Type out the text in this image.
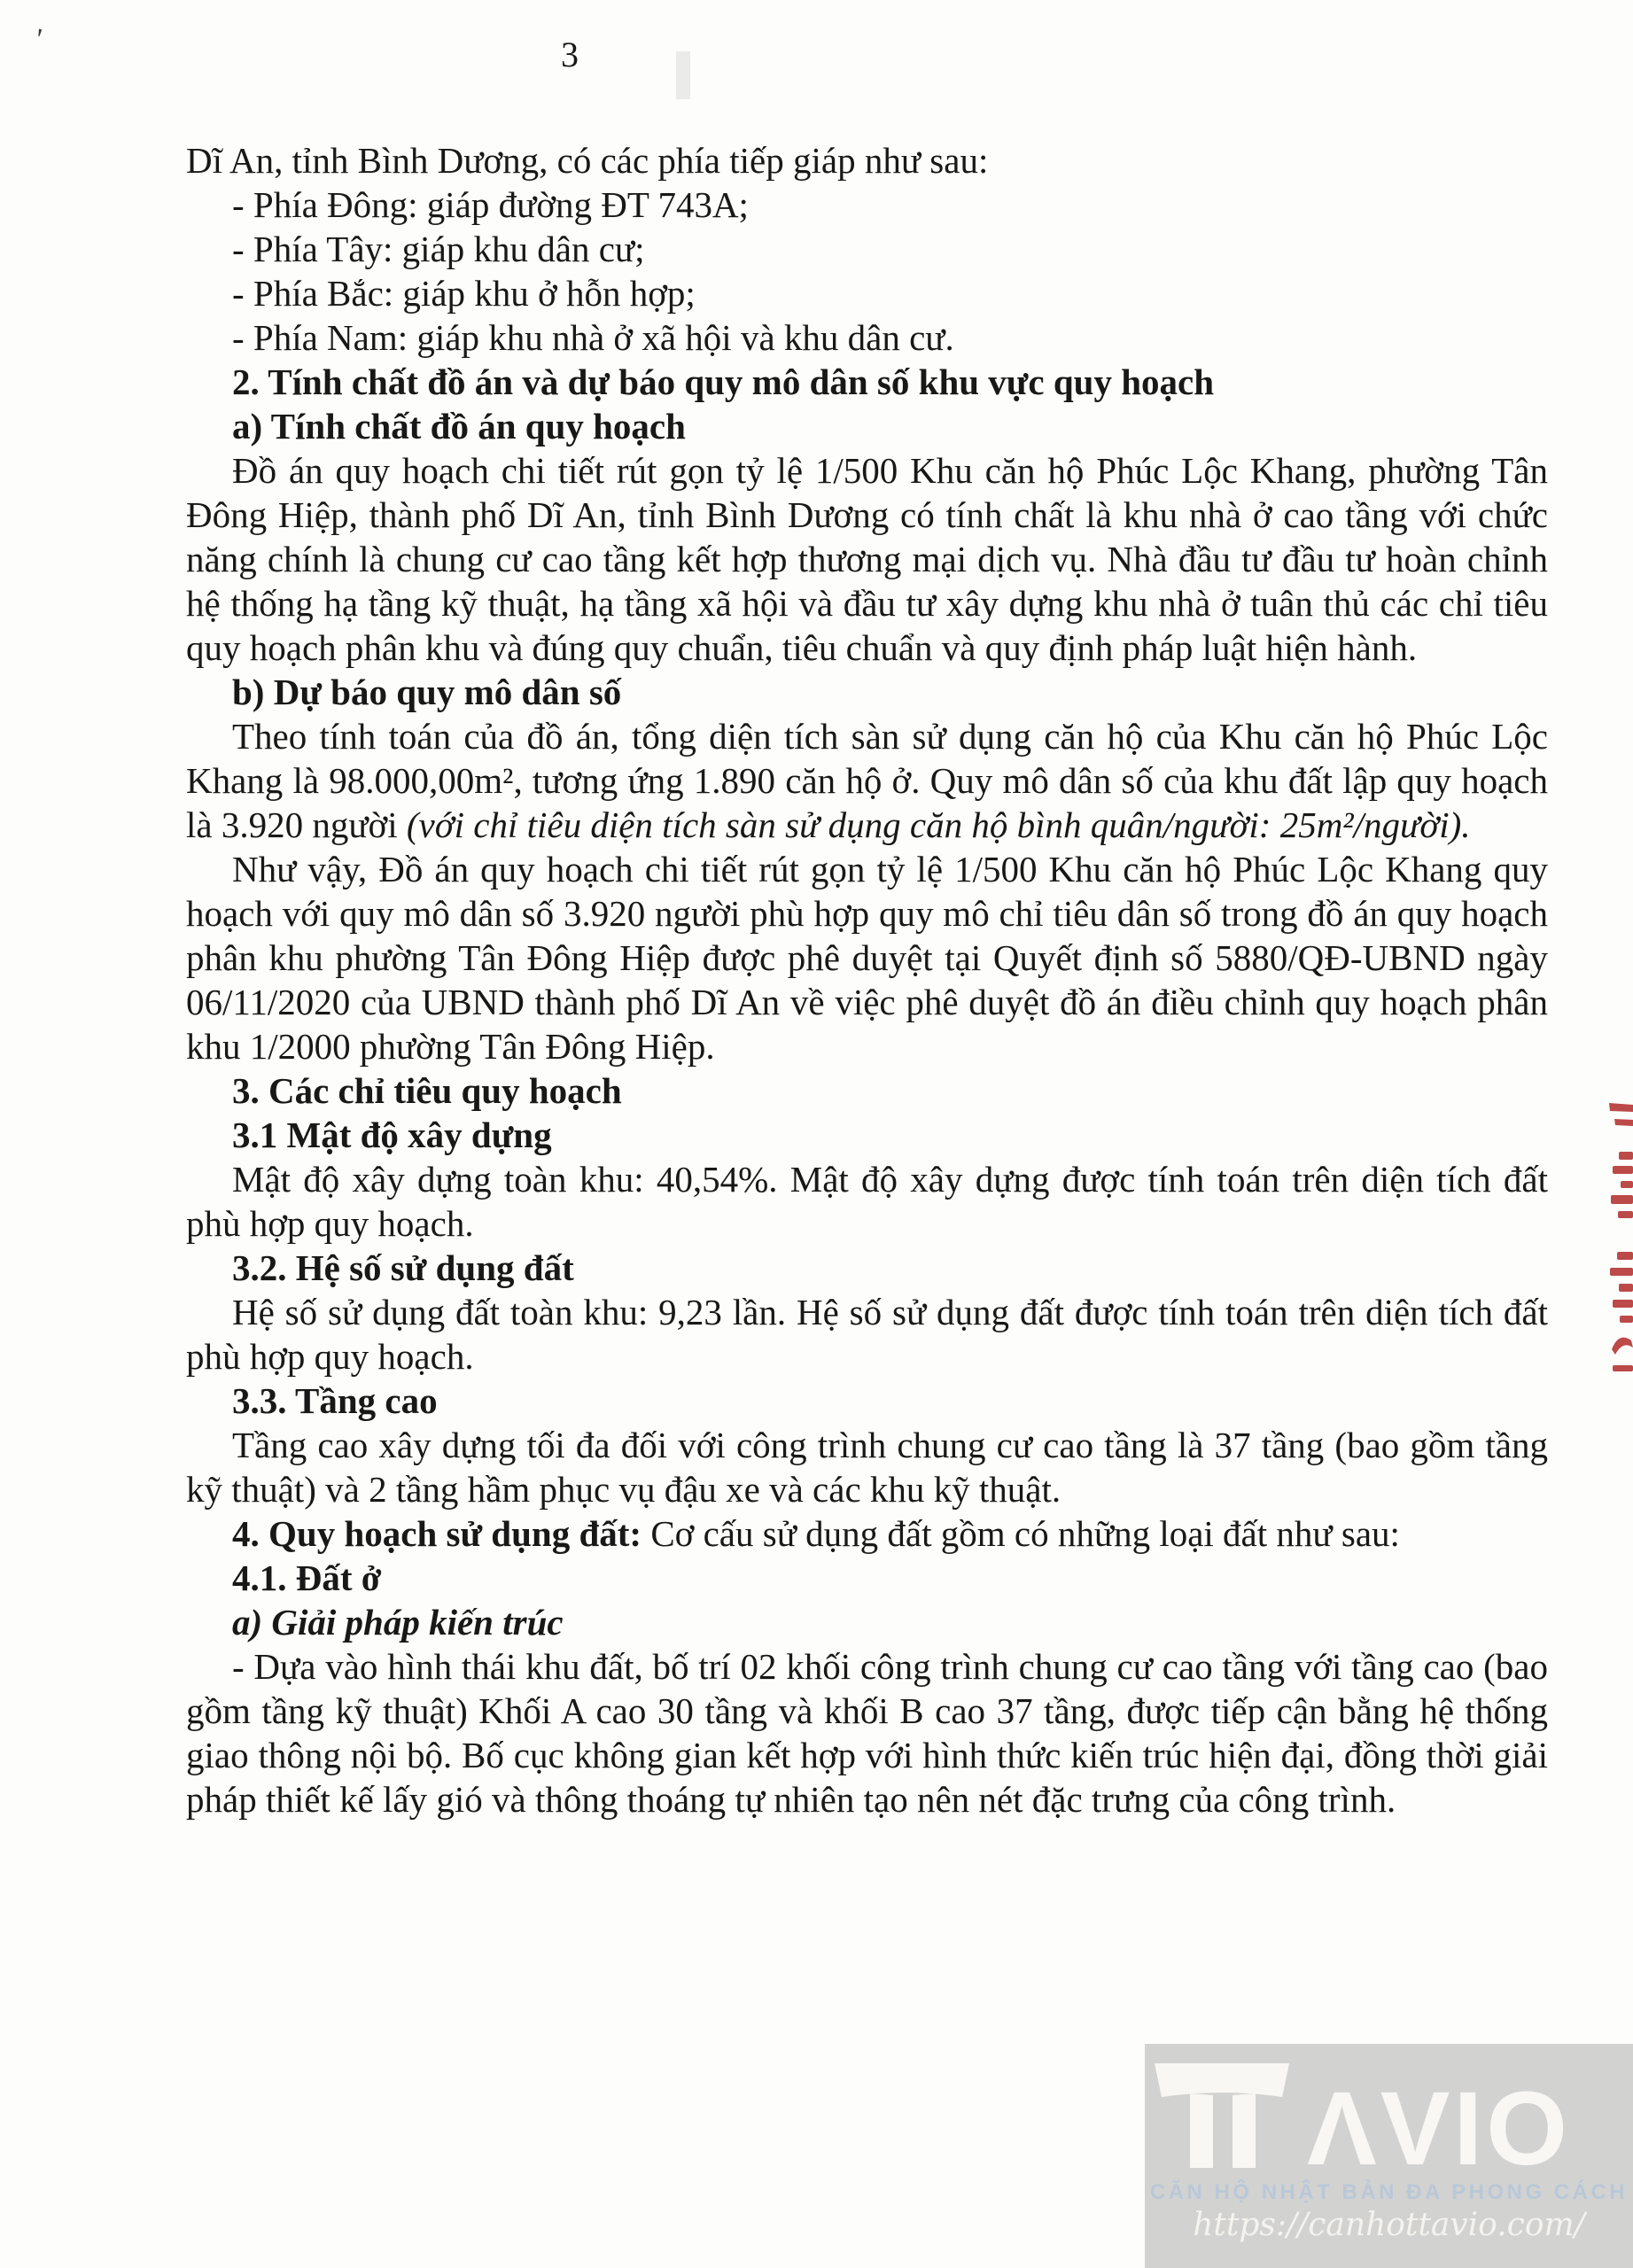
'	3

Dĩ An, tỉnh Bình Dương, có các phía tiếp giáp như sau:

- Phía Đông: giáp đường ĐT 743A;

- Phía Tây: giáp khu dân cư;

- Phía Bắc: giáp khu ở hỗn hợp;

- Phía Nam: giáp khu nhà ở xã hội và khu dân cư.

2. Tính chất đồ án và dự báo quy mô dân số khu vực quy hoạch

a) Tính chất đồ án quy hoạch

Đồ án quy hoạch chi tiết rút gọn tỷ lệ 1/500 Khu căn hộ Phúc Lộc Khang, phường Tân Đông Hiệp, thành phố Dĩ An, tỉnh Bình Dương có tính chất là khu nhà ở cao tầng với chức năng chính là chung cư cao tầng kết hợp thương mại dịch vụ. Nhà đầu tư đầu tư hoàn chỉnh hệ thống hạ tầng kỹ thuật, hạ tầng xã hội và đầu tư xây dựng khu nhà ở tuân thủ các chỉ tiêu quy hoạch phân khu và đúng quy chuẩn, tiêu chuẩn và quy định pháp luật hiện hành.

b) Dự báo quy mô dân số

Theo tính toán của đồ án, tổng diện tích sàn sử dụng căn hộ của Khu căn hộ Phúc Lộc Khang là 98.000,00m², tương ứng 1.890 căn hộ ở. Quy mô dân số của khu đất lập quy hoạch là 3.920 người (với chỉ tiêu diện tích sàn sử dụng căn hộ bình quân/người: 25m²/người).

Như vậy, Đồ án quy hoạch chi tiết rút gọn tỷ lệ 1/500 Khu căn hộ Phúc Lộc Khang quy hoạch với quy mô dân số 3.920 người phù hợp quy mô chỉ tiêu dân số trong đồ án quy hoạch phân khu phường Tân Đông Hiệp được phê duyệt tại Quyết định số 5880/QĐ-UBND ngày 06/11/2020 của UBND thành phố Dĩ An về việc phê duyệt đồ án điều chỉnh quy hoạch phân khu 1/2000 phường Tân Đông Hiệp.

3. Các chỉ tiêu quy hoạch

3.1 Mật độ xây dựng

Mật độ xây dựng toàn khu: 40,54%. Mật độ xây dựng được tính toán trên diện tích đất phù hợp quy hoạch.

3.2. Hệ số sử dụng đất

Hệ số sử dụng đất toàn khu: 9,23 lần. Hệ số sử dụng đất được tính toán trên diện tích đất phù hợp quy hoạch.

3.3. Tầng cao

Tầng cao xây dựng tối đa đối với công trình chung cư cao tầng là 37 tầng (bao gồm tầng kỹ thuật) và 2 tầng hầm phục vụ đậu xe và các khu kỹ thuật.

4. Quy hoạch sử dụng đất: Cơ cấu sử dụng đất gồm có những loại đất như sau:

4.1. Đất ở

a) Giải pháp kiến trúc

- Dựa vào hình thái khu đất, bố trí 02 khối công trình chung cư cao tầng với tầng cao (bao gồm tầng kỹ thuật) Khối A cao 30 tầng và khối B cao 37 tầng, được tiếp cận bằng hệ thống giao thông nội bộ. Bố cục không gian kết hợp với hình thức kiến trúc hiện đại, đồng thời giải pháp thiết kế lấy gió và thông thoáng tự nhiên tạo nên nét đặc trưng của công trình.

ΛVIO
CĂN HỘ NHẬT BẢN ĐA PHONG CÁCH
https://canhottavio.com/
